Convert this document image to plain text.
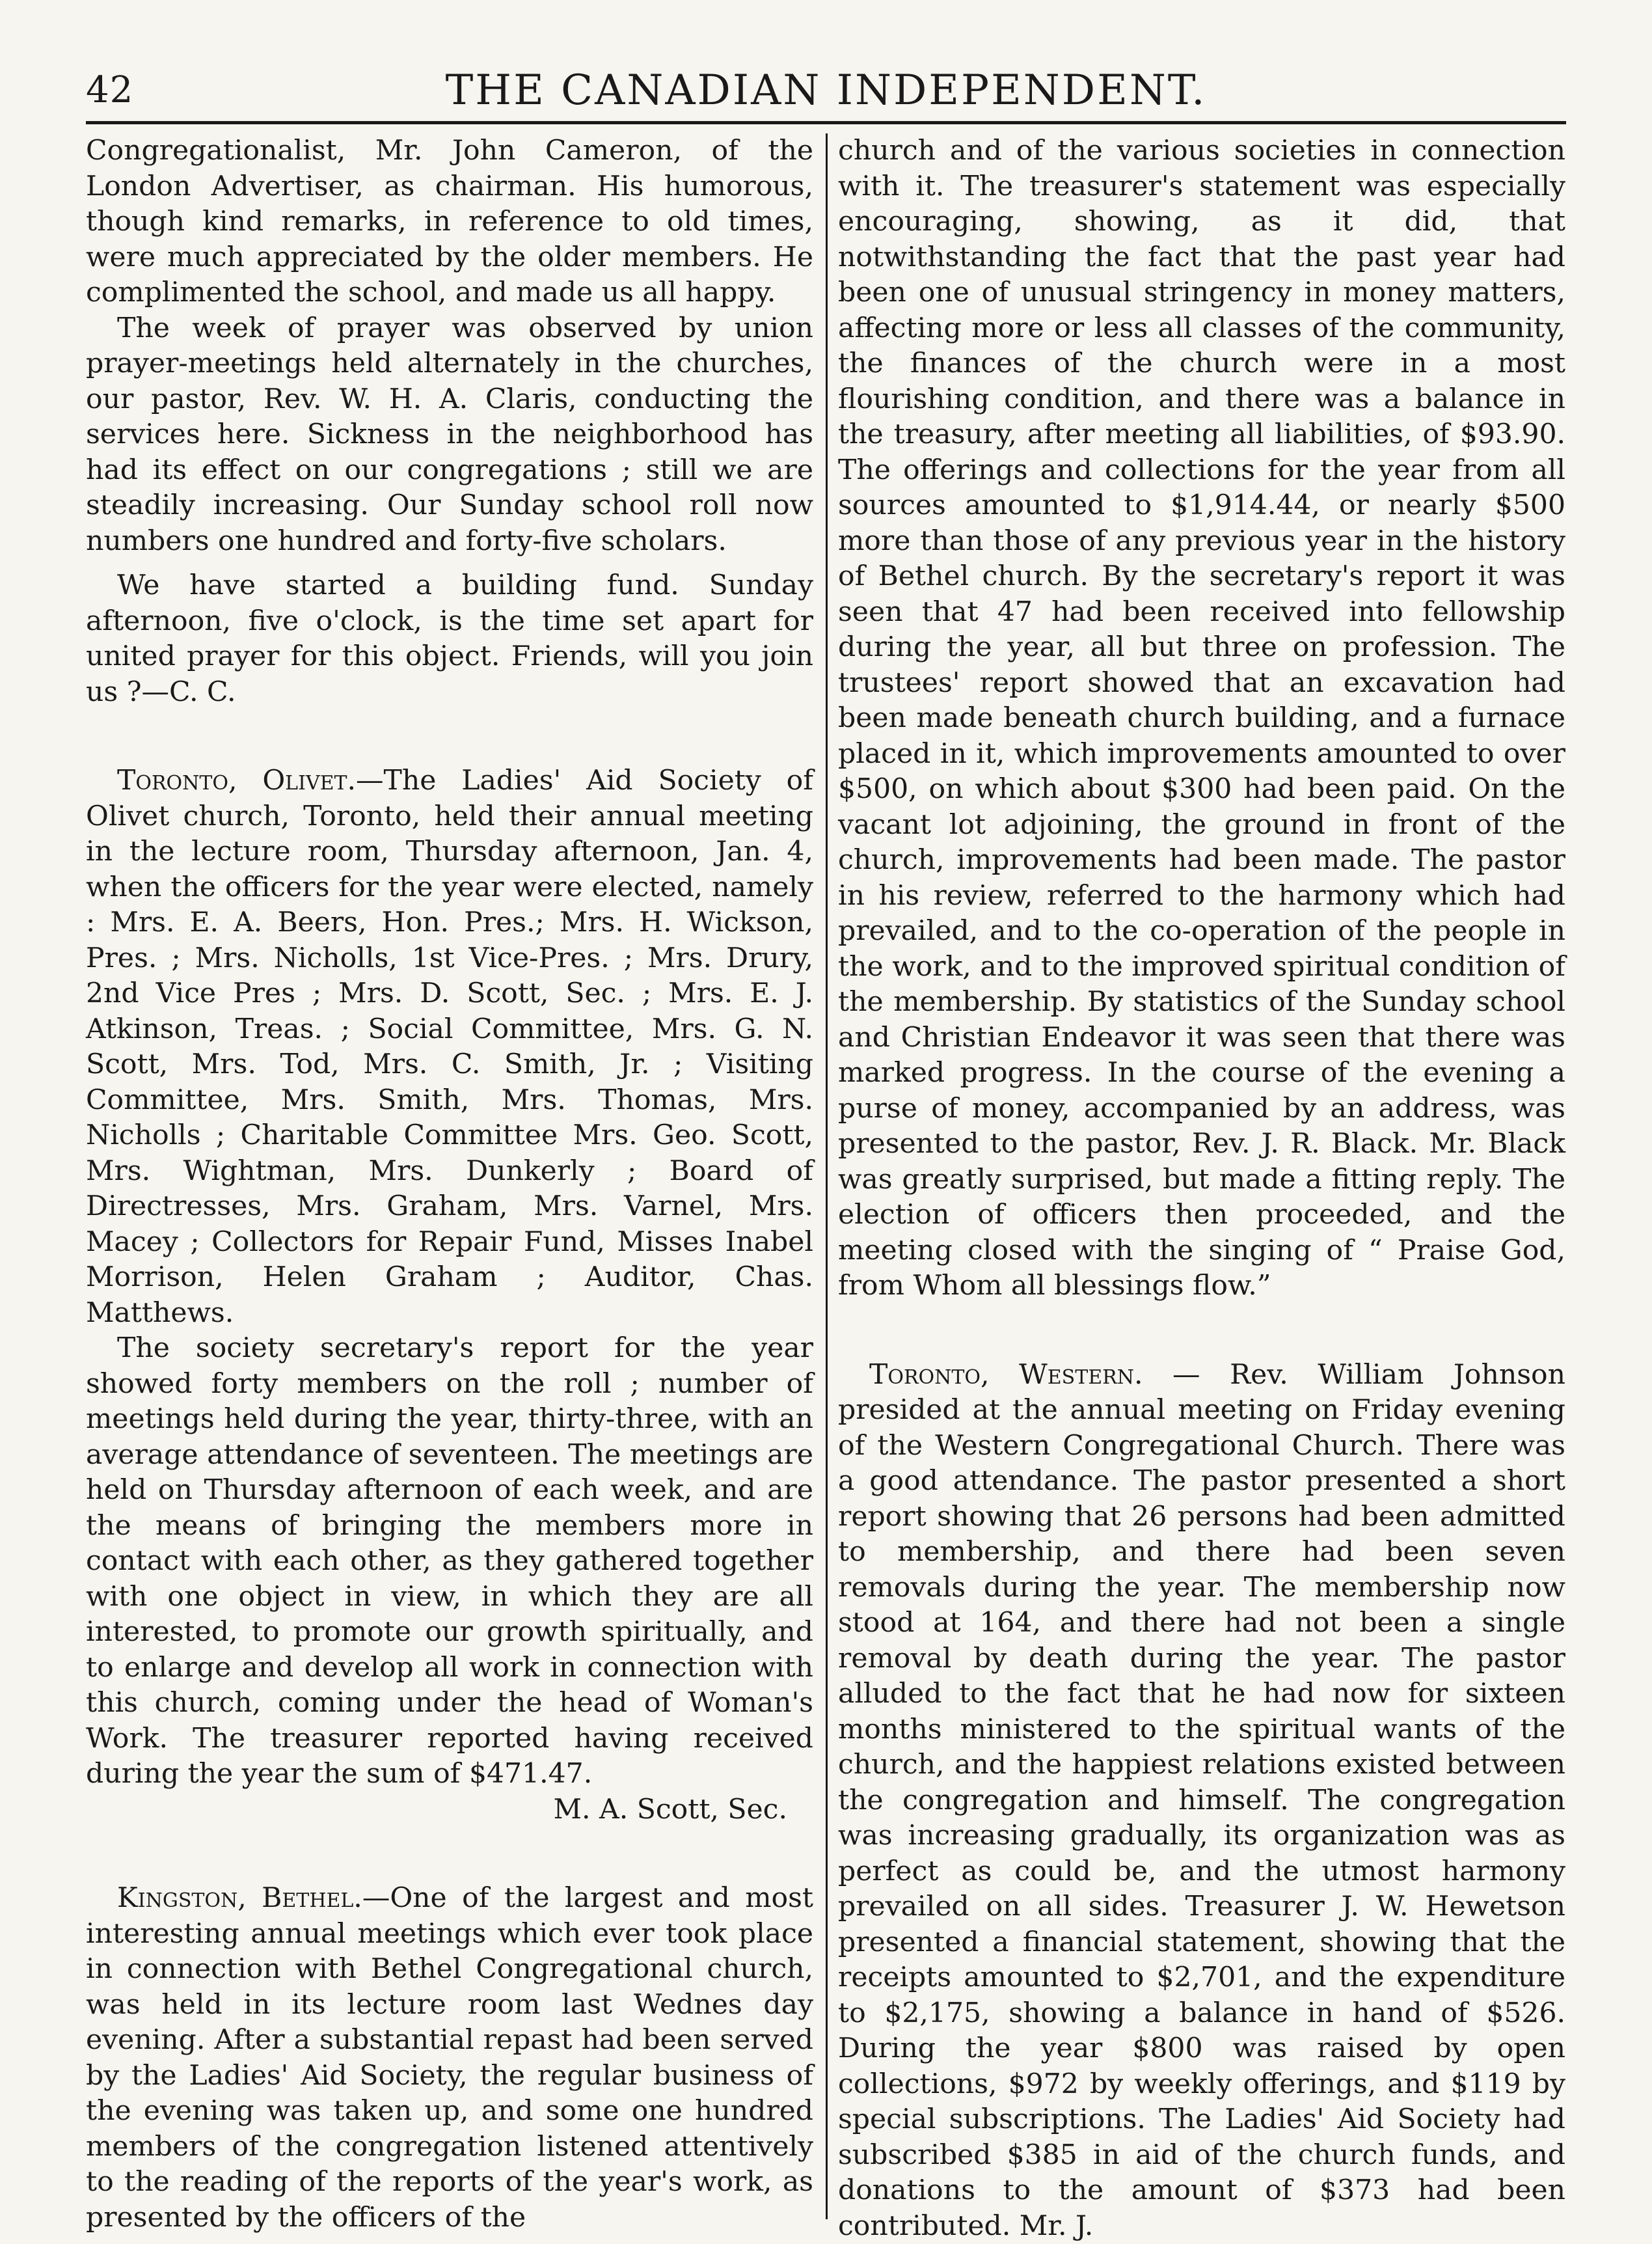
42	THE CANADIAN INDEPENDENT.

Congregationalist, Mr. John Cameron, of the London Advertiser, as chairman. His humorous, though kind remarks, in reference to old times, were much appreciated by the older members. He complimented the school, and made us all happy.

The week of prayer was observed by union prayer-meetings held alternately in the churches, our pastor, Rev. W. H. A. Claris, conducting the services here. Sickness in the neighborhood has had its effect on our congregations ; still we are steadily increasing. Our Sunday school roll now numbers one hundred and forty-five scholars.

We have started a building fund. Sunday afternoon, five o'clock, is the time set apart for united prayer for this object. Friends, will you join us ?—C. C.

Toronto, Olivet.—The Ladies' Aid Society of Olivet church, Toronto, held their annual meeting in the lecture room, Thursday afternoon, Jan. 4, when the officers for the year were elected, namely : Mrs. E. A. Beers, Hon. Pres.; Mrs. H. Wickson, Pres. ; Mrs. Nicholls, 1st Vice-Pres. ; Mrs. Drury, 2nd Vice Pres ; Mrs. D. Scott, Sec. ; Mrs. E. J. Atkinson, Treas. ; Social Committee, Mrs. G. N. Scott, Mrs. Tod, Mrs. C. Smith, Jr. ; Visiting Committee, Mrs. Smith, Mrs. Thomas, Mrs. Nicholls ; Charitable Committee Mrs. Geo. Scott, Mrs. Wightman, Mrs. Dunkerly ; Board of Directresses, Mrs. Graham, Mrs. Varnel, Mrs. Macey ; Collectors for Repair Fund, Misses Inabel Morrison, Helen Graham ; Auditor, Chas. Matthews.

The society secretary's report for the year showed forty members on the roll ; number of meetings held during the year, thirty-three, with an average attendance of seventeen. The meetings are held on Thursday afternoon of each week, and are the means of bringing the members more in contact with each other, as they gathered together with one object in view, in which they are all interested, to promote our growth spiritually, and to enlarge and develop all work in connection with this church, coming under the head of Woman's Work. The treasurer reported having received during the year the sum of $471.47.
M. A. Scott, Sec.

Kingston, Bethel.—One of the largest and most interesting annual meetings which ever took place in connection with Bethel Congregational church, was held in its lecture room last Wednes day evening. After a substantial repast had been served by the Ladies' Aid Society, the regular business of the evening was taken up, and some one hundred members of the congregation listened attentively to the reading of the reports of the year's work, as presented by the officers of the

church and of the various societies in connection with it. The treasurer's statement was especially encouraging, showing, as it did, that notwithstanding the fact that the past year had been one of unusual stringency in money matters, affecting more or less all classes of the community, the finances of the church were in a most flourishing condition, and there was a balance in the treasury, after meeting all liabilities, of $93.90. The offerings and collections for the year from all sources amounted to $1,914.44, or nearly $500 more than those of any previous year in the history of Bethel church. By the secretary's report it was seen that 47 had been received into fellowship during the year, all but three on profession. The trustees' report showed that an excavation had been made beneath church building, and a furnace placed in it, which improvements amounted to over $500, on which about $300 had been paid. On the vacant lot adjoining, the ground in front of the church, improvements had been made. The pastor in his review, referred to the harmony which had prevailed, and to the co-operation of the people in the work, and to the improved spiritual condition of the membership. By statistics of the Sunday school and Christian Endeavor it was seen that there was marked progress. In the course of the evening a purse of money, accompanied by an address, was presented to the pastor, Rev. J. R. Black. Mr. Black was greatly surprised, but made a fitting reply. The election of officers then proceeded, and the meeting closed with the singing of “ Praise God, from Whom all blessings flow.”

Toronto, Western. — Rev. William Johnson presided at the annual meeting on Friday evening of the Western Congregational Church. There was a good attendance. The pastor presented a short report showing that 26 persons had been admitted to membership, and there had been seven removals during the year. The membership now stood at 164, and there had not been a single removal by death during the year. The pastor alluded to the fact that he had now for sixteen months ministered to the spiritual wants of the church, and the happiest relations existed between the congregation and himself. The congregation was increasing gradually, its organization was as perfect as could be, and the utmost harmony prevailed on all sides. Treasurer J. W. Hewetson presented a financial statement, showing that the receipts amounted to $2,701, and the expenditure to $2,175, showing a balance in hand of $526. During the year $800 was raised by open collections, $972 by weekly offerings, and $119 by special subscriptions. The Ladies' Aid Society had subscribed $385 in aid of the church funds, and donations to the amount of $373 had been contributed. Mr. J.
